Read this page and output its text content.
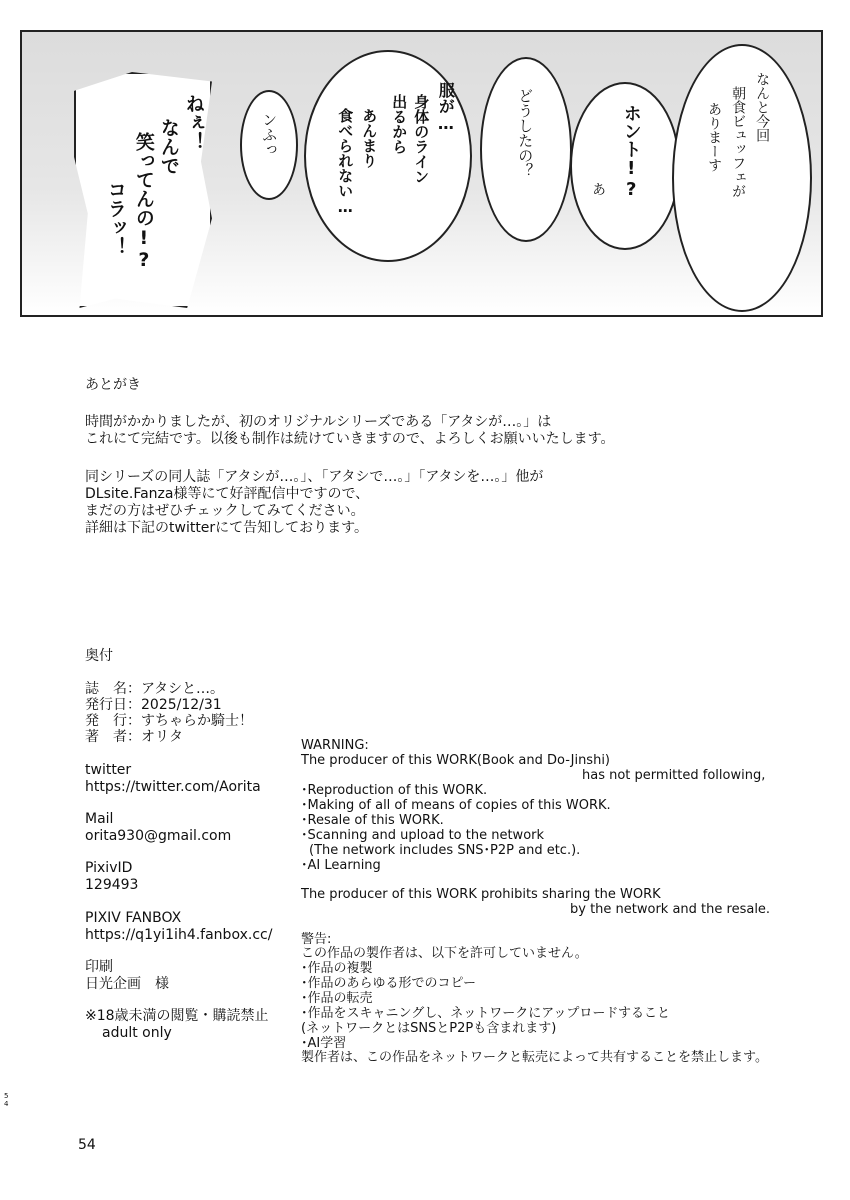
ねぇ！
なんで
笑ってんの!?
コラッ！
ンふっ
服が…
身体のライン
出るから
あんまり
食べられない…	どうしたの？	ホント!?
あ
なんと今回
朝食ビュッフェが
ありまーす
あとがき
時間がかかりましたが、初のオリジナルシリーズである「アタシが…。」は
これにて完結です。以後も制作は続けていきますので、よろしくお願いいたします。
同シリーズの同人誌「アタシが…。」、「アタシで…。」「アタシを…。」他が
DLsite.Fanza様等にて好評配信中ですので、
まだの方はぜひチェックしてみてください。
詳細は下記のtwitterにて告知しております。
奥付
誌　名：アタシと…。
発行日：2025/12/31
発　行：すちゃらか騎士！
著　者：オリタ
twitter
https://twitter.com/Aorita
Mail
orita930@gmail.com
PixivID
129493
PIXIV FANBOX
https://q1yi1ih4.fanbox.cc/
印刷
日光企画　様
※18歳未満の閲覧・購読禁止
adult only
WARNING:
The producer of this WORK(Book and Do-Jinshi)
has not permitted following,
･Reproduction of this WORK.
･Making of all of means of copies of this WORK.
･Resale of this WORK.
･Scanning and upload to the network
(The network includes SNS･P2P and etc.).
･AI Learning
The producer of this WORK prohibits sharing the WORK
by the network and the resale.
警告:
この作品の製作者は、以下を許可していません。
･作品の複製
･作品のあらゆる形でのコピー
･作品の転売
･作品をスキャニングし、ネットワークにアップロードすること
(ネットワークとはSNSとP2Pも含まれます)
･AI学習
製作者は、この作品をネットワークと転売によって共有することを禁止します。
5
4
54
